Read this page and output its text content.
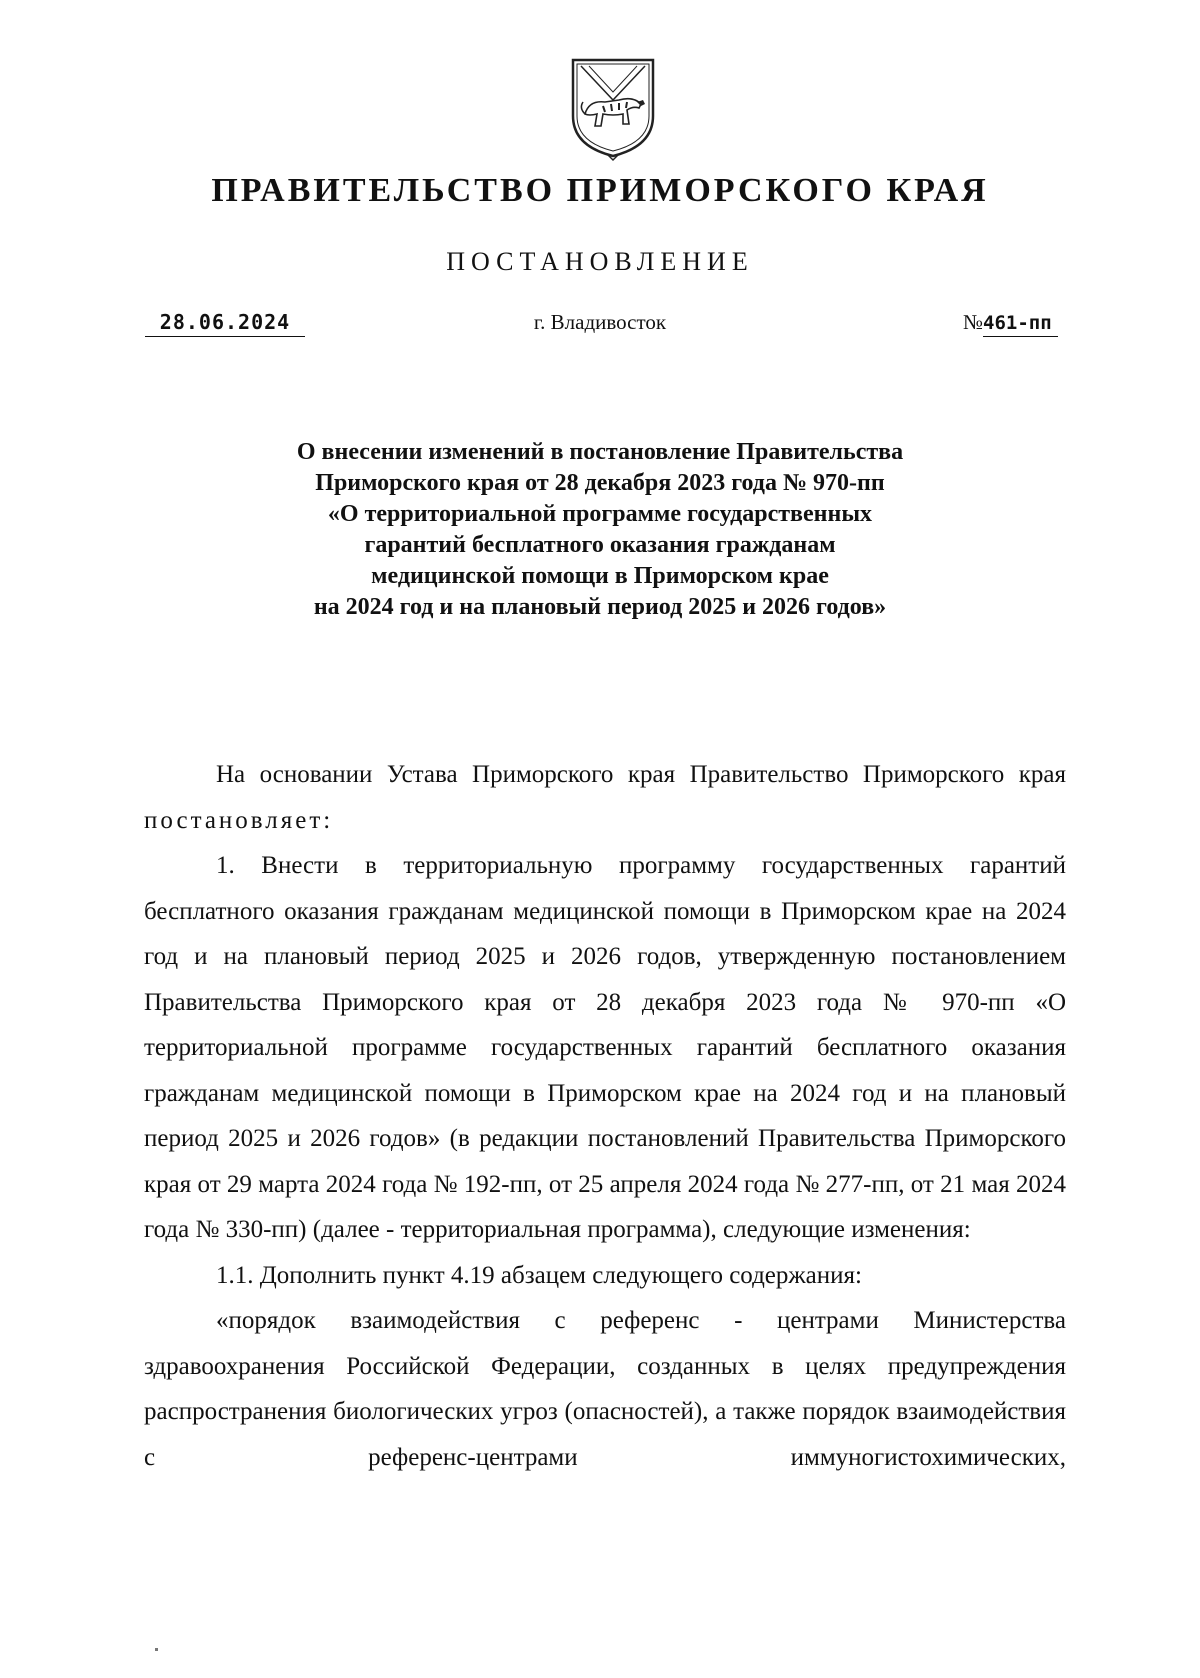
ПРАВИТЕЛЬСТВО ПРИМОРСКОГО КРАЯ
ПОСТАНОВЛЕНИЕ
28.06.2024	г. Владивосток	№461-пп
О внесении изменений в постановление Правительства
Приморского края от 28 декабря 2023 года № 970-пп
«О территориальной программе государственных
гарантий бесплатного оказания гражданам
медицинской помощи в Приморском крае
на 2024 год и на плановый период 2025 и 2026 годов»

На основании Устава Приморского края Правительство Приморского края постановляет:

1. Внести в территориальную программу государственных гарантий бесплатного оказания гражданам медицинской помощи в Приморском крае на 2024 год и на плановый период 2025 и 2026 годов, утвержденную постановлением Правительства Приморского края от 28 декабря 2023 года № 970-пп «О территориальной программе государственных гарантий бесплатного оказания гражданам медицинской помощи в Приморском крае на 2024 год и на плановый период 2025 и 2026 годов» (в редакции постановлений Правительства Приморского края от 29 марта 2024 года № 192-пп, от 25 апреля 2024 года № 277-пп, от 21 мая 2024 года № 330-пп) (далее - территориальная программа), следующие изменения:

1.1. Дополнить пункт 4.19 абзацем следующего содержания:

«порядок взаимодействия с референс - центрами Министерства здравоохранения Российской Федерации, созданных в целях предупреждения распространения биологических угроз (опасностей), а также порядок взаимодействия с референс-центрами иммуногистохимических,
